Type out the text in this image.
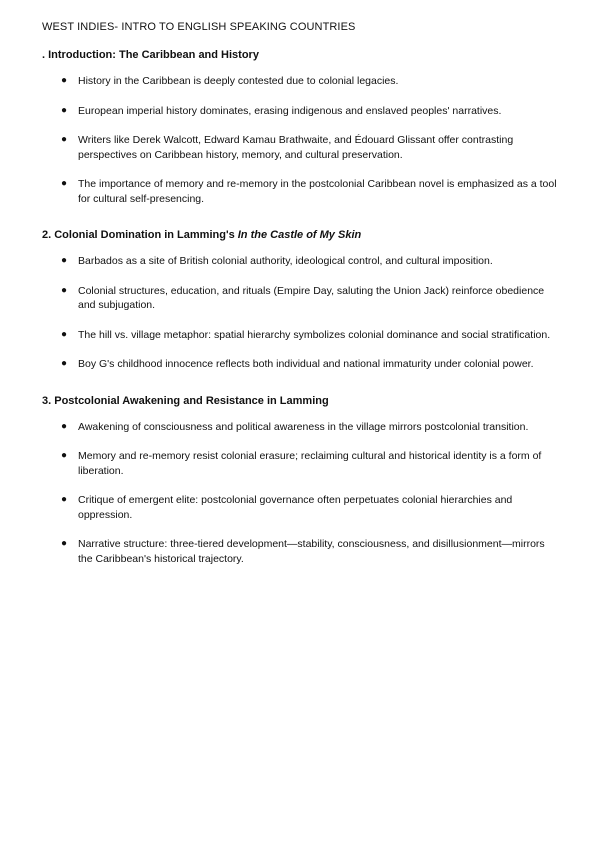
WEST INDIES- INTRO TO ENGLISH SPEAKING COUNTRIES

. Introduction: The Caribbean and History

● History in the Caribbean is deeply contested due to colonial legacies.
● European imperial history dominates, erasing indigenous and enslaved peoples' narratives.
● Writers like Derek Walcott, Edward Kamau Brathwaite, and Édouard Glissant offer contrasting perspectives on Caribbean history, memory, and cultural preservation.
● The importance of memory and re-memory in the postcolonial Caribbean novel is emphasized as a tool for cultural self-presencing.

2. Colonial Domination in Lamming's In the Castle of My Skin

● Barbados as a site of British colonial authority, ideological control, and cultural imposition.
● Colonial structures, education, and rituals (Empire Day, saluting the Union Jack) reinforce obedience and subjugation.
● The hill vs. village metaphor: spatial hierarchy symbolizes colonial dominance and social stratification.
● Boy G's childhood innocence reflects both individual and national immaturity under colonial power.

3. Postcolonial Awakening and Resistance in Lamming

● Awakening of consciousness and political awareness in the village mirrors postcolonial transition.
● Memory and re-memory resist colonial erasure; reclaiming cultural and historical identity is a form of liberation.
● Critique of emergent elite: postcolonial governance often perpetuates colonial hierarchies and oppression.
● Narrative structure: three-tiered development—stability, consciousness, and disillusionment—mirrors the Caribbean's historical trajectory.
